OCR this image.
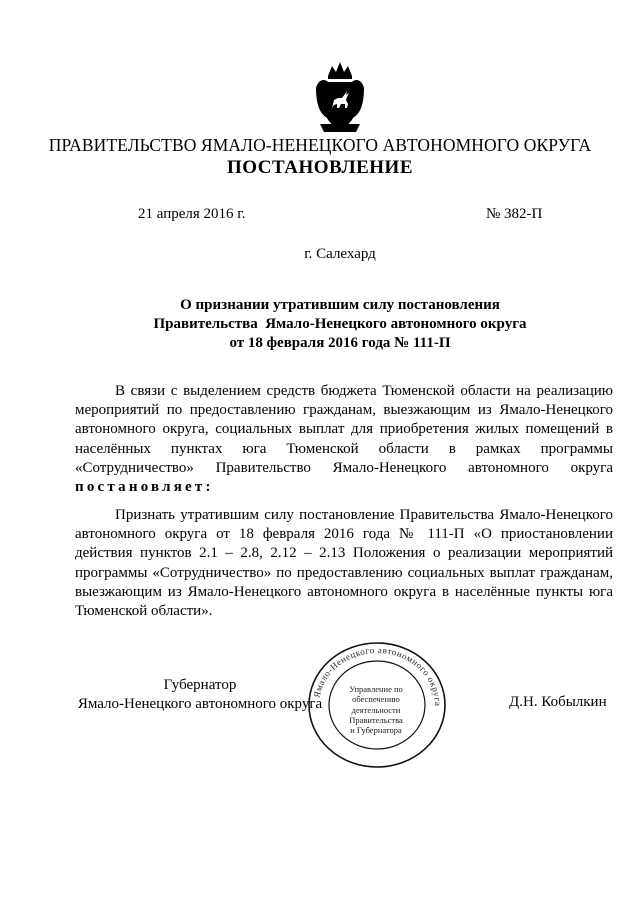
ПРАВИТЕЛЬСТВО ЯМАЛО-НЕНЕЦКОГО АВТОНОМНОГО ОКРУГА
ПОСТАНОВЛЕНИЕ
21 апреля 2016 г.	№ 382-П
г. Салехард
О признании утратившим силу постановления
Правительства  Ямало-Ненецкого автономного округа
от 18 февраля 2016 года № 111-П
В связи с выделением средств бюджета Тюменской области на реализацию мероприятий по предоставлению гражданам, выезжающим из Ямало-Ненецкого автономного округа, социальных выплат для приобретения жилых помещений в населённых пунктах юга Тюменской области в рамках программы «Сотрудничество» Правительство Ямало-Ненецкого автономного округа постановляет:
Признать утратившим силу постановление Правительства Ямало-Ненецкого автономного округа от 18 февраля 2016 года № 111-П «О приостановлении действия пунктов 2.1 – 2.8, 2.12 – 2.13 Положения о реализации мероприятий программы «Сотрудничество» по предоставлению социальных выплат гражданам, выезжающим из Ямало-Ненецкого автономного округа в населённые пункты юга Тюменской области».
Губернатор
Ямало-Ненецкого автономного округа	Д.Н. Кобылкин
Ямало-Ненецкого автономного округа
Управление по
обеспечению
деятельности
Правительства
и Губернатора
